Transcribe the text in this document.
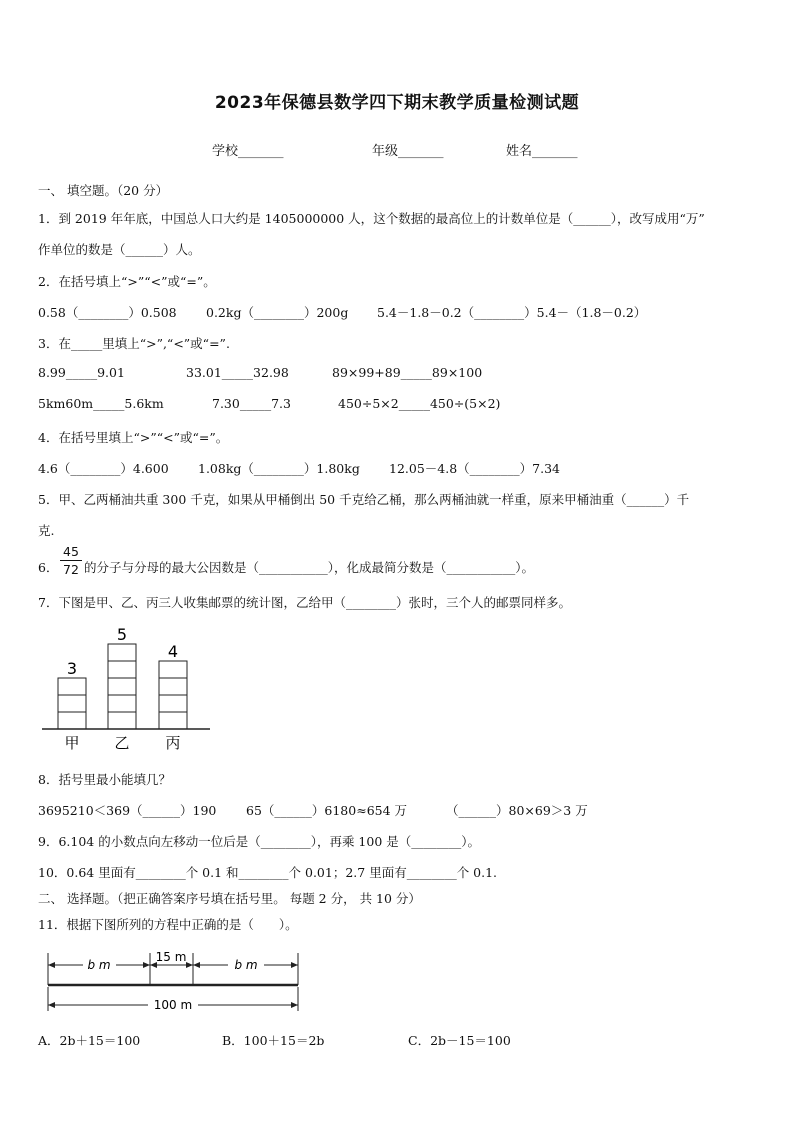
2023年保德县数学四下期末教学质量检测试题
学校_______	年级_______	姓名_______
一、 填空题。（20 分）
1．到 2019 年年底，中国总人口大约是 1405000000 人，这个数据的最高位上的计数单位是（______），改写成用“万”
作单位的数是（______）人。
2．在括号填上“>”“<”或“=”。
0.58（________）0.508 0.2kg（________）200g 5.4－1.8－0.2（________）5.4－（1.8－0.2）
3．在_____里填上“>”,“<”或“=”.
8.99_____9.01	33.01_____32.98	89×99+89_____89×100
5km60m_____5.6km	7.30_____7.3	450÷5×2_____450÷(5×2)
4．在括号里填上“>”“<”或“=”。
4.6（________）4.600 1.08kg（________）1.80kg 12.05－4.8（________）7.34
5．甲、乙两桶油共重 300 千克，如果从甲桶倒出 50 千克给乙桶，那么两桶油就一样重，原来甲桶油重（______）千
克.
6．
45
72 的分子与分母的最大公因数是（___________），化成最简分数是（___________）。
7．下图是甲、乙、丙三人收集邮票的统计图，乙给甲（________）张时，三个人的邮票同样多。
3
甲
5
乙
4
丙
8．括号里最小能填几？
3695210＜369（______）190 65（______）6180≈654 万	（______）80×69＞3 万
9．6.104 的小数点向左移动一位后是（________），再乘 100 是（________）。
10．0.64 里面有________个 0.1 和________个 0.01；2.7 里面有________个 0.1.
二、 选择题。（把正确答案序号填在括号里。 每题 2 分， 共 10 分）
11．根据下图所列的方程中正确的是（　　）。
b m
15 m
b m
100 m
A．2b＋15＝100	B．100＋15＝2b	C．2b－15＝100
